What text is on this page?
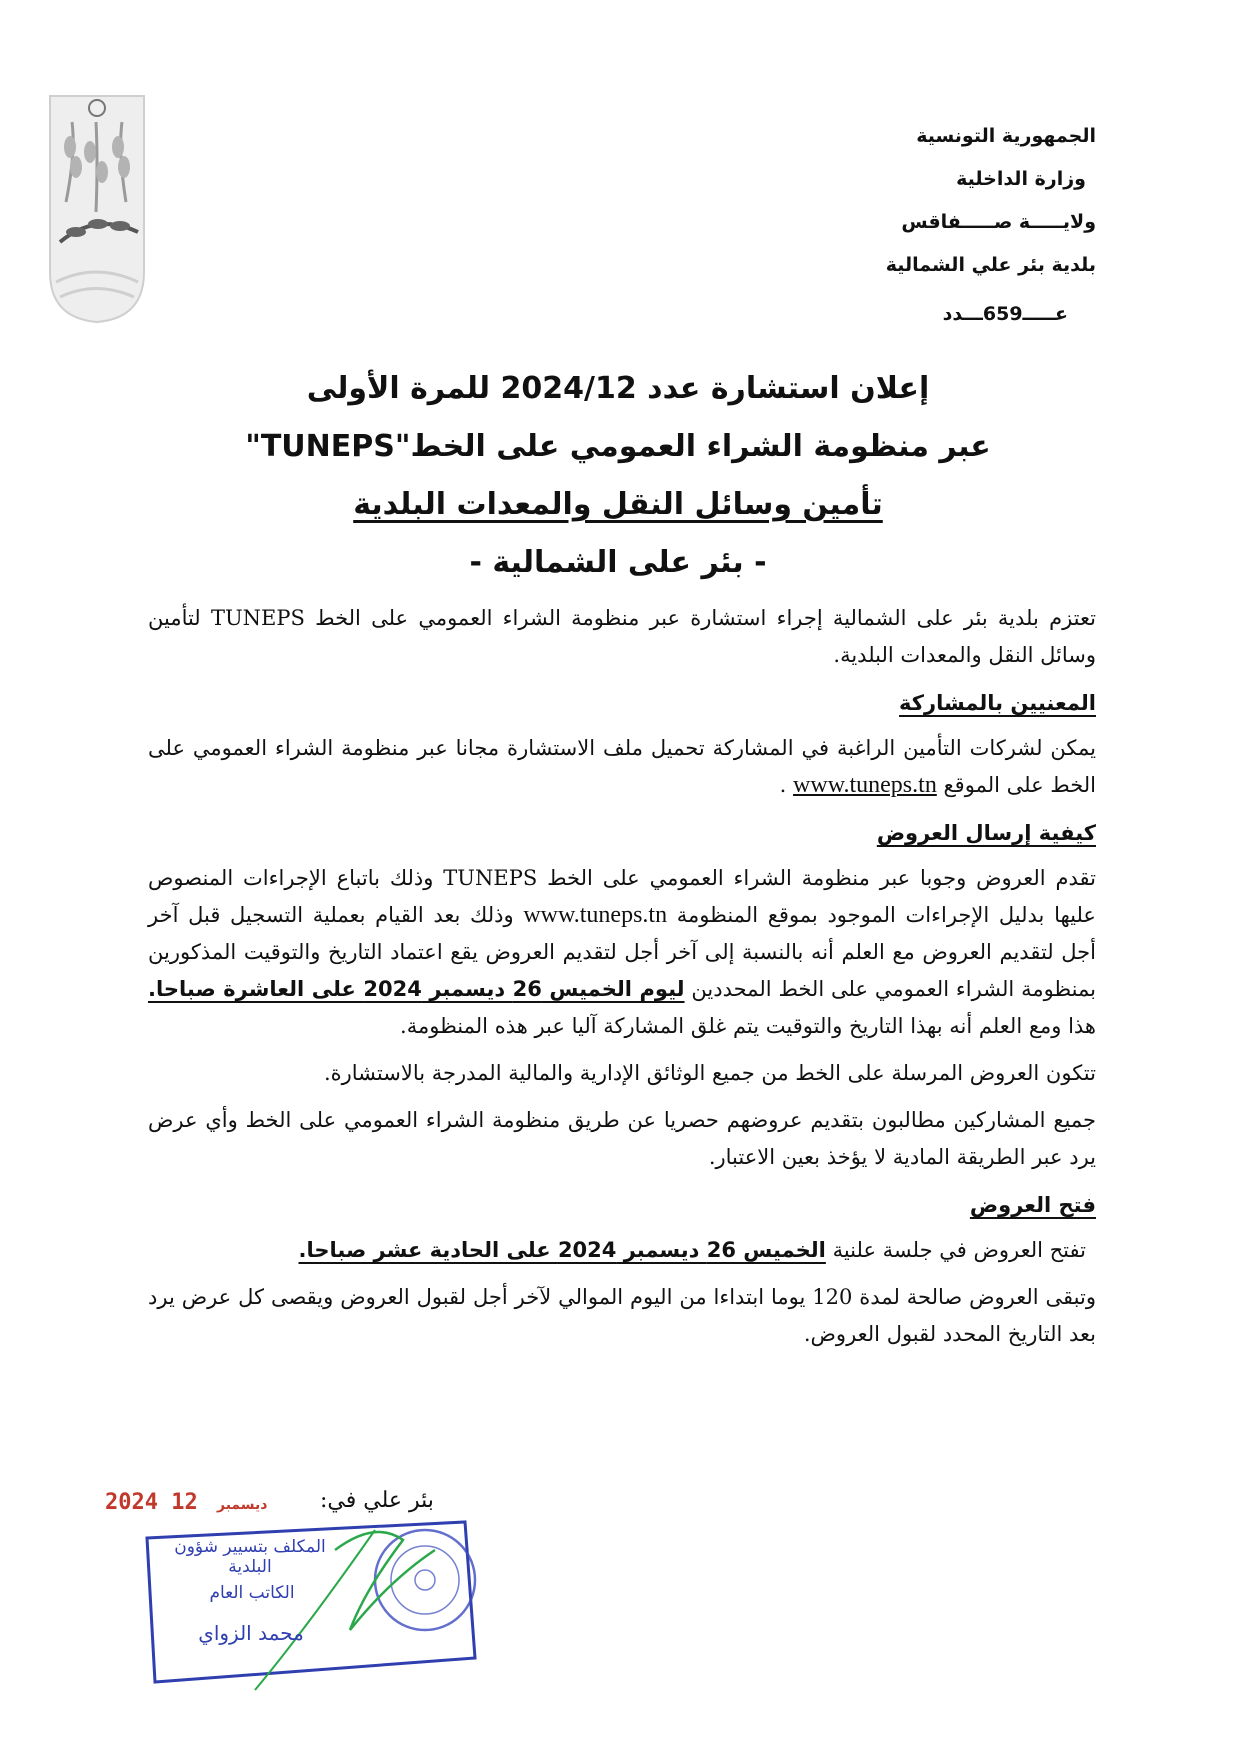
الجمهورية التونسية
وزارة الداخلية
ولايـــــة صـــــفاقس
بلدية بئر علي الشمالية
عـــــ659ـــدد
إعلان استشارة عدد 2024/12 للمرة الأولى
عبر منظومة الشراء العمومي على الخط"TUNEPS"
تأمين وسائل النقل والمعدات البلدية
- بئر على الشمالية -

تعتزم بلدية بئر على الشمالية إجراء استشارة عبر منظومة الشراء العمومي على الخط TUNEPS لتأمين وسائل النقل والمعدات البلدية.

المعنيين بالمشاركة

يمكن لشركات التأمين الراغبة في المشاركة تحميل ملف الاستشارة مجانا عبر منظومة الشراء العمومي على الخط على الموقع www.tuneps.tn .

كيفية إرسال العروض

تقدم العروض وجوبا عبر منظومة الشراء العمومي على الخط TUNEPS وذلك باتباع الإجراءات المنصوص عليها بدليل الإجراءات الموجود بموقع المنظومة www.tuneps.tn وذلك بعد القيام بعملية التسجيل قبل آخر أجل لتقديم العروض مع العلم أنه بالنسبة إلى آخر أجل لتقديم العروض يقع اعتماد التاريخ والتوقيت المذكورين بمنظومة الشراء العمومي على الخط المحددين ليوم الخميس 26 ديسمبر 2024 على العاشرة صباحا. هذا ومع العلم أنه بهذا التاريخ والتوقيت يتم غلق المشاركة آليا عبر هذه المنظومة.

تتكون العروض المرسلة على الخط من جميع الوثائق الإدارية والمالية المدرجة بالاستشارة.

جميع المشاركين مطالبون بتقديم عروضهم حصريا عن طريق منظومة الشراء العمومي على الخط وأي عرض يرد عبر الطريقة المادية لا يؤخذ بعين الاعتبار.

فتح العروض

تفتح العروض في جلسة علنية الخميس 26 ديسمبر 2024 على الحادية عشر صباحا.

وتبقى العروض صالحة لمدة 120 يوما ابتداءا من اليوم الموالي لآخر أجل لقبول العروض ويقصى كل عرض يرد بعد التاريخ المحدد لقبول العروض.

بئر علي في:
2024	ديسمبر 12
المكلف بتسيير شؤون البلدية
الكاتب العام
محمد الزواي
